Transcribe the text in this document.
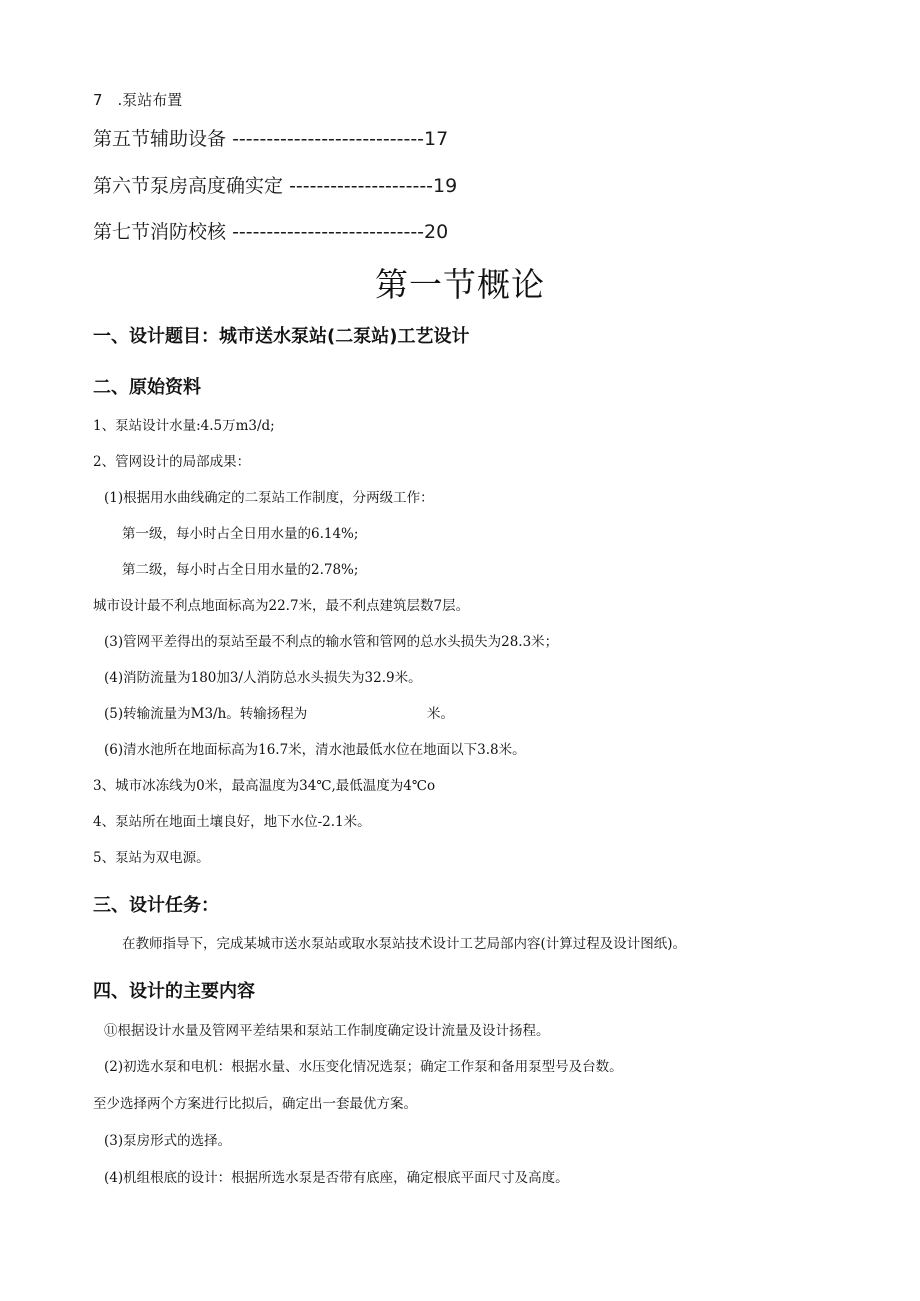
7　.泵站布置
第五节辅助设备 ----------------------------17
第六节泵房高度确实定 ---------------------19
第七节消防校核 ----------------------------20
第一节概论
一、设计题目：城市送水泵站(二泵站)工艺设计
二、原始资料
1、泵站设计水量:4.5万m3/d;
2、管网设计的局部成果：
(1)根据用水曲线确定的二泵站工作制度，分两级工作：
第一级，每小时占全日用水量的6.14%;
第二级，每小时占全日用水量的2.78%;
城市设计最不利点地面标高为22.7米，最不利点建筑层数7层。
(3)管网平差得出的泵站至最不利点的输水管和管网的总水头损失为28.3米；
(4)消防流量为180加3/人消防总水头损失为32.9米。
(5)转输流量为M3/h。转输扬程为	米。
(6)清水池所在地面标高为16.7米，清水池最低水位在地面以下3.8米。
3、城市冰冻线为0米，最高温度为34℃,最低温度为4℃o
4、泵站所在地面土壤良好，地下水位-2.1米。
5、泵站为双电源。
三、设计任务：
在教师指导下，完成某城市送水泵站或取水泵站技术设计工艺局部内容(计算过程及设计图纸)。
四、设计的主要内容
⑪根据设计水量及管网平差结果和泵站工作制度确定设计流量及设计扬程。
(2)初选水泵和电机：根据水量、水压变化情况选泵；确定工作泵和备用泵型号及台数。
至少选择两个方案进行比拟后，确定出一套最优方案。
(3)泵房形式的选择。
(4)机组根底的设计：根据所选水泵是否带有底座，确定根底平面尺寸及高度。
